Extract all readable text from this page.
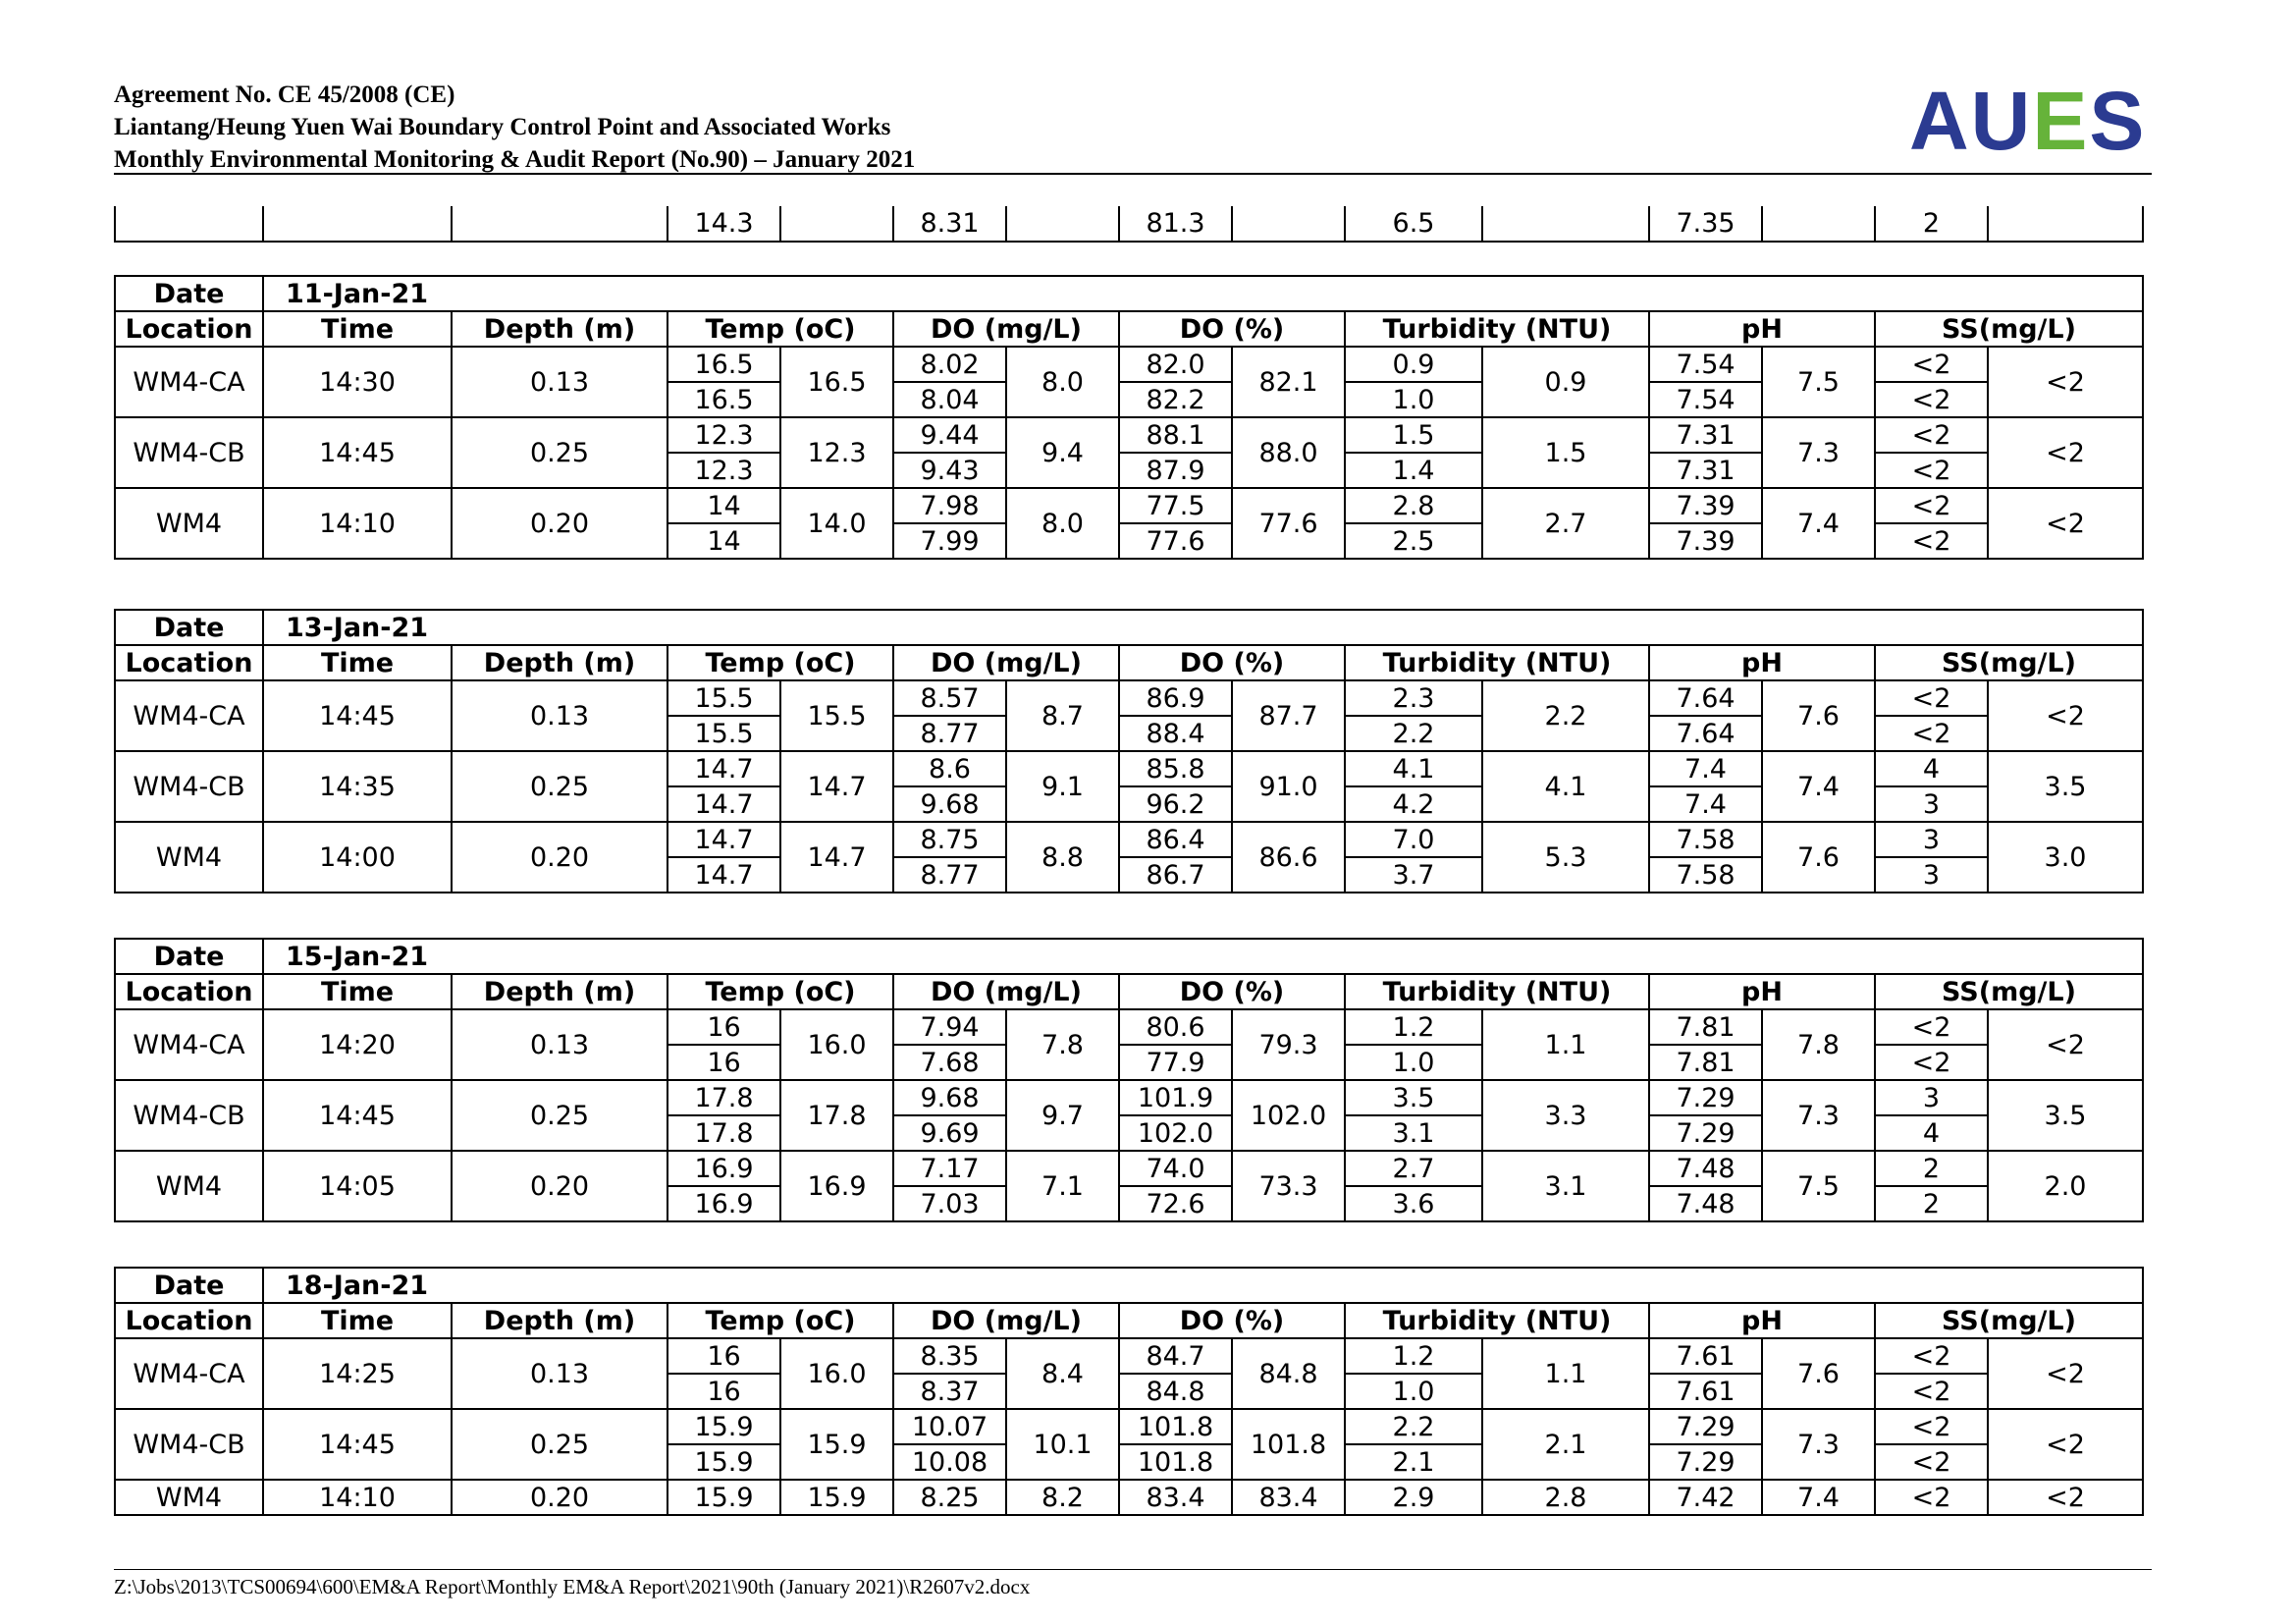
Agreement No. CE 45/2008 (CE)
Liantang/Heung Yuen Wai Boundary Control Point and Associated Works
Monthly Environmental Monitoring & Audit Report (No.90) – January 2021	AUES
			14.3		8.31		81.3		6.5		7.35		2	
Date	11-Jan-21													
Location	Time	Depth (m)	Temp (oC)		DO (mg/L)		DO (%)		Turbidity (NTU)		pH		SS(mg/L)	
WM4-CA	14:30	0.13	16.5	16.5	8.02	8.0	82.0	82.1	0.9	0.9	7.54	7.5	<2	<2
			16.5		8.04		82.2		1.0		7.54		<2	
WM4-CB	14:45	0.25	12.3	12.3	9.44	9.4	88.1	88.0	1.5	1.5	7.31	7.3	<2	<2
			12.3		9.43		87.9		1.4		7.31		<2	
WM4	14:10	0.20	14	14.0	7.98	8.0	77.5	77.6	2.8	2.7	7.39	7.4	<2	<2
			14		7.99		77.6		2.5		7.39		<2	
Date	13-Jan-21													
Location	Time	Depth (m)	Temp (oC)		DO (mg/L)		DO (%)		Turbidity (NTU)		pH		SS(mg/L)	
WM4-CA	14:45	0.13	15.5	15.5	8.57	8.7	86.9	87.7	2.3	2.2	7.64	7.6	<2	<2
			15.5		8.77		88.4		2.2		7.64		<2	
WM4-CB	14:35	0.25	14.7	14.7	8.6	9.1	85.8	91.0	4.1	4.1	7.4	7.4	4	3.5
			14.7		9.68		96.2		4.2		7.4		3	
WM4	14:00	0.20	14.7	14.7	8.75	8.8	86.4	86.6	7.0	5.3	7.58	7.6	3	3.0
			14.7		8.77		86.7		3.7		7.58		3	
Date	15-Jan-21													
Location	Time	Depth (m)	Temp (oC)		DO (mg/L)		DO (%)		Turbidity (NTU)		pH		SS(mg/L)	
WM4-CA	14:20	0.13	16	16.0	7.94	7.8	80.6	79.3	1.2	1.1	7.81	7.8	<2	<2
			16		7.68		77.9		1.0		7.81		<2	
WM4-CB	14:45	0.25	17.8	17.8	9.68	9.7	101.9	102.0	3.5	3.3	7.29	7.3	3	3.5
			17.8		9.69		102.0		3.1		7.29		4	
WM4	14:05	0.20	16.9	16.9	7.17	7.1	74.0	73.3	2.7	3.1	7.48	7.5	2	2.0
			16.9		7.03		72.6		3.6		7.48		2	
Date	18-Jan-21													
Location	Time	Depth (m)	Temp (oC)		DO (mg/L)		DO (%)		Turbidity (NTU)		pH		SS(mg/L)	
WM4-CA	14:25	0.13	16	16.0	8.35	8.4	84.7	84.8	1.2	1.1	7.61	7.6	<2	<2
			16		8.37		84.8		1.0		7.61		<2	
WM4-CB	14:45	0.25	15.9	15.9	10.07	10.1	101.8	101.8	2.2	2.1	7.29	7.3	<2	<2
			15.9		10.08		101.8		2.1		7.29		<2	
WM4	14:10	0.20	15.9	15.9	8.25	8.2	83.4	83.4	2.9	2.8	7.42	7.4	<2	<2
Z:\Jobs\2013\TCS00694\600\EM&A Report\Monthly EM&A Report\2021\90th (January 2021)\R2607v2.docx
